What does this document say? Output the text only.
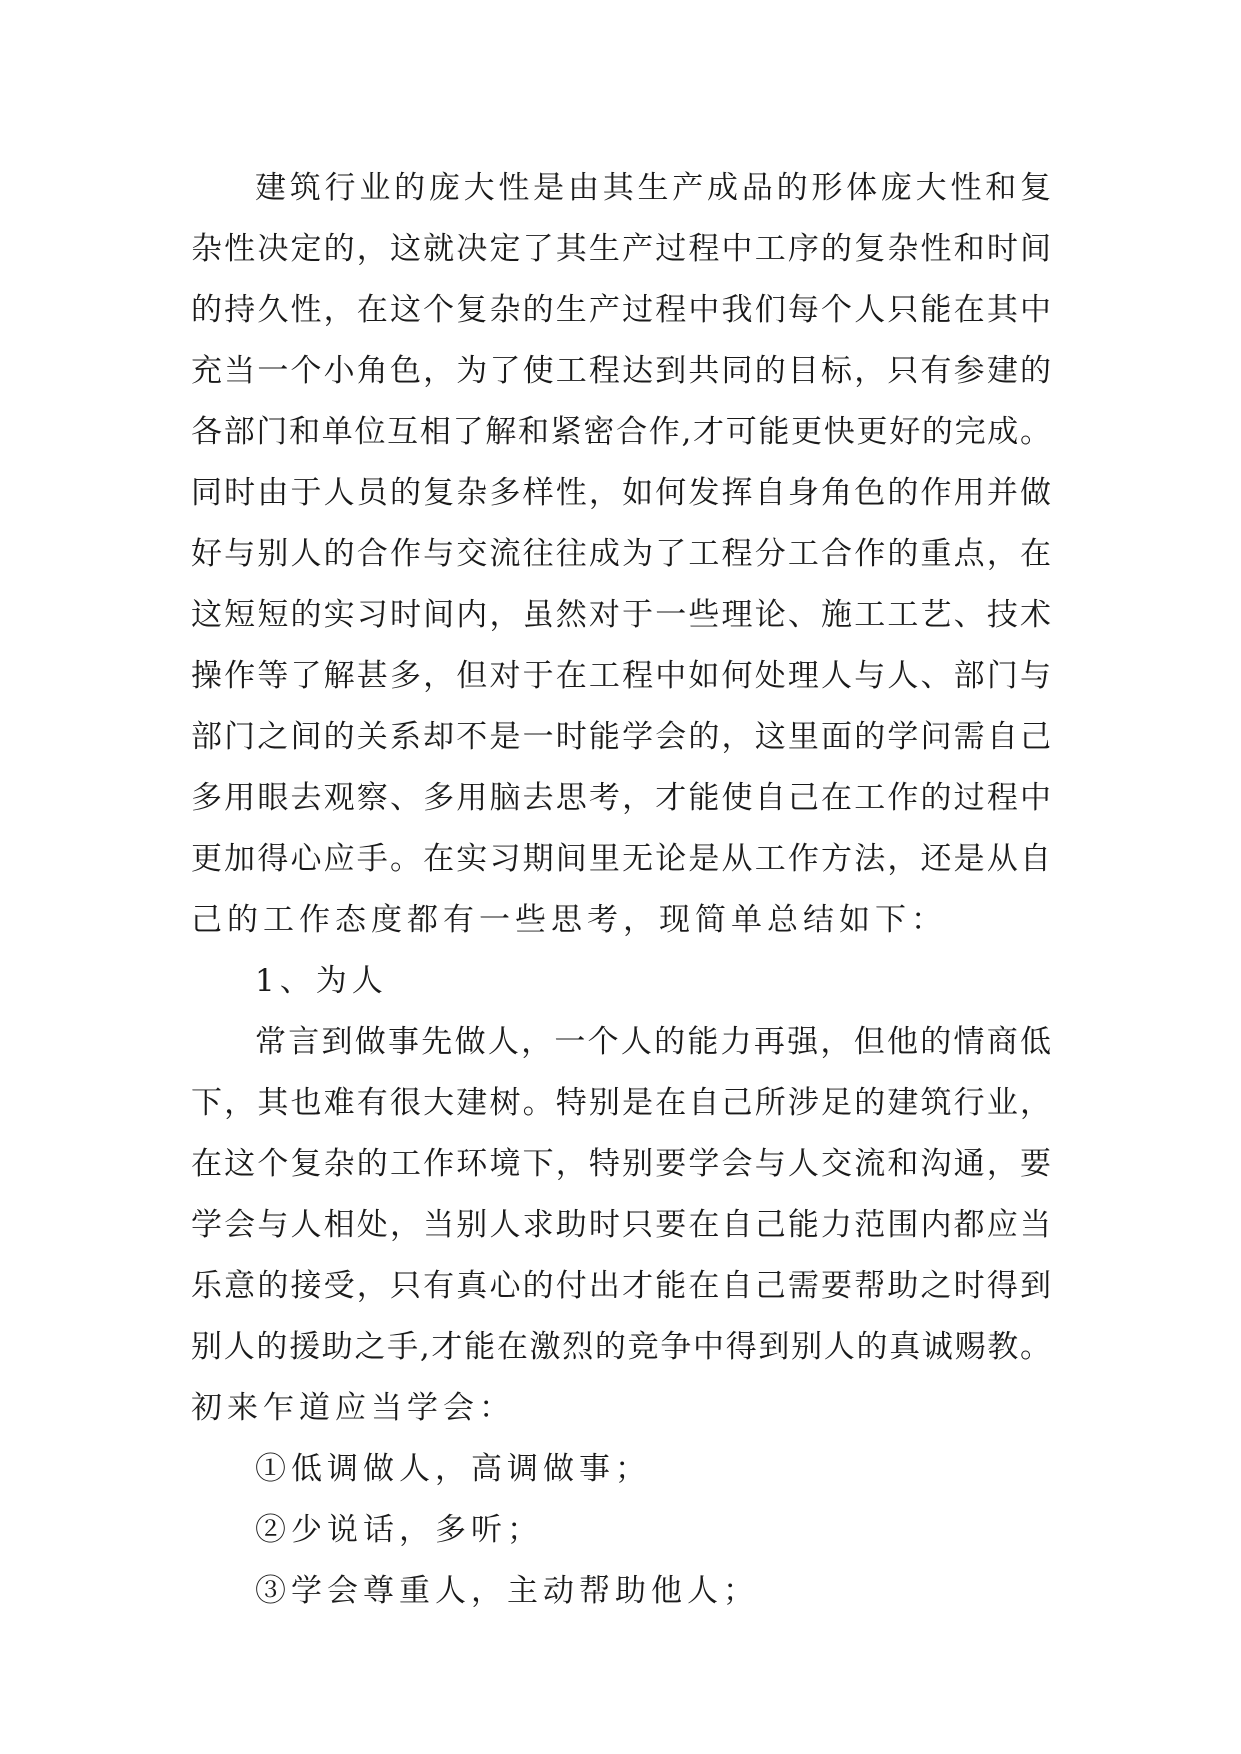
建筑行业的庞大性是由其生产成品的形体庞大性和复
杂性决定的，这就决定了其生产过程中工序的复杂性和时间
的持久性，在这个复杂的生产过程中我们每个人只能在其中
充当一个小角色，为了使工程达到共同的目标，只有参建的
各部门和单位互相了解和紧密合作,才可能更快更好的完成。
同时由于人员的复杂多样性，如何发挥自身角色的作用并做
好与别人的合作与交流往往成为了工程分工合作的重点，在
这短短的实习时间内，虽然对于一些理论、施工工艺、技术
操作等了解甚多，但对于在工程中如何处理人与人、部门与
部门之间的关系却不是一时能学会的，这里面的学问需自己
多用眼去观察、多用脑去思考，才能使自己在工作的过程中
更加得心应手。在实习期间里无论是从工作方法，还是从自
己的工作态度都有一些思考，现简单总结如下：
1、为人
常言到做事先做人，一个人的能力再强，但他的情商低
下，其也难有很大建树。特别是在自己所涉足的建筑行业，
在这个复杂的工作环境下，特别要学会与人交流和沟通，要
学会与人相处，当别人求助时只要在自己能力范围内都应当
乐意的接受，只有真心的付出才能在自己需要帮助之时得到
别人的援助之手,才能在激烈的竞争中得到别人的真诚赐教。
初来乍道应当学会：
①低调做人，高调做事；
②少说话，多听；
③学会尊重人，主动帮助他人；
